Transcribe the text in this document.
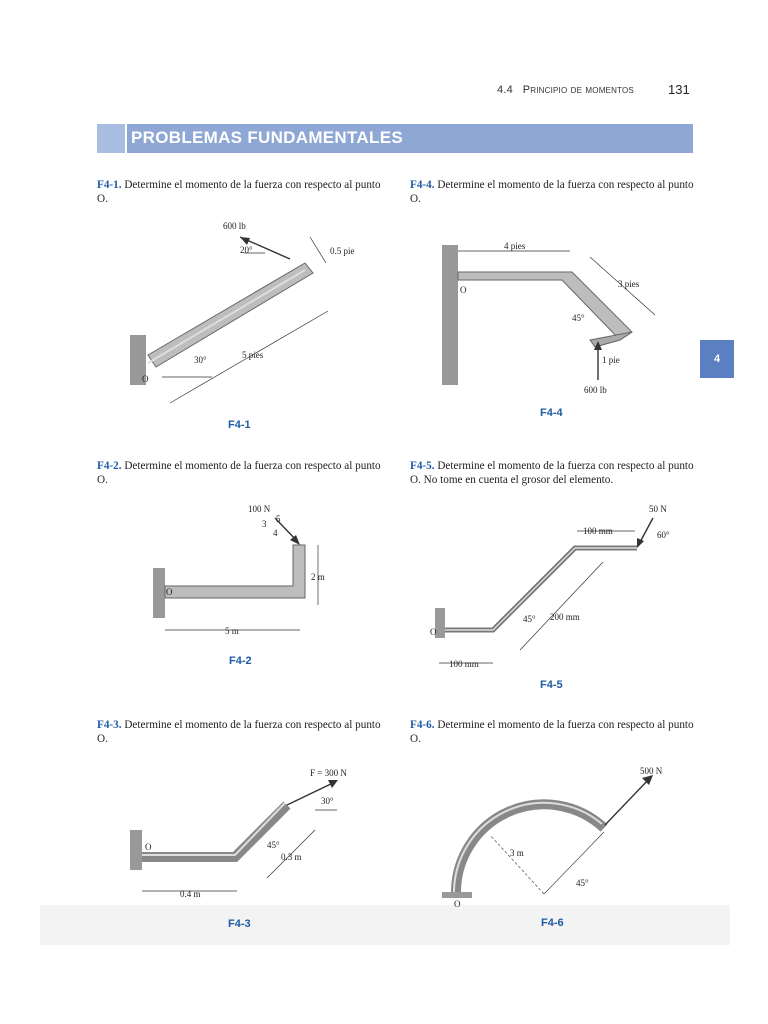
4.4 Principio de momentos	131
PROBLEMAS FUNDAMENTALES
4
F4-1. Determine el momento de la fuerza con respecto al punto O.
F4-4. Determine el momento de la fuerza con respecto al punto O.
F4-2. Determine el momento de la fuerza con respecto al punto O.
F4-5. Determine el momento de la fuerza con respecto al punto O. No tome en cuenta el grosor del elemento.
F4-3. Determine el momento de la fuerza con respecto al punto O.
F4-6. Determine el momento de la fuerza con respecto al punto O.
600 lb
20°	0.5 pie
5 pies
30°
O
F4-1
4 pies
3 pies
45°
1 pie
600 lb
O
F4-4
100 N
3 5
4
2 m
5 m
O
F4-2
50 N
100 mm	60°
45° 200 mm
100 mm
O
F4-5
F = 300 N
30°
45°
0.3 m
0.4 m
O
F4-3
500 N
3 m
45°
O
F4-6
